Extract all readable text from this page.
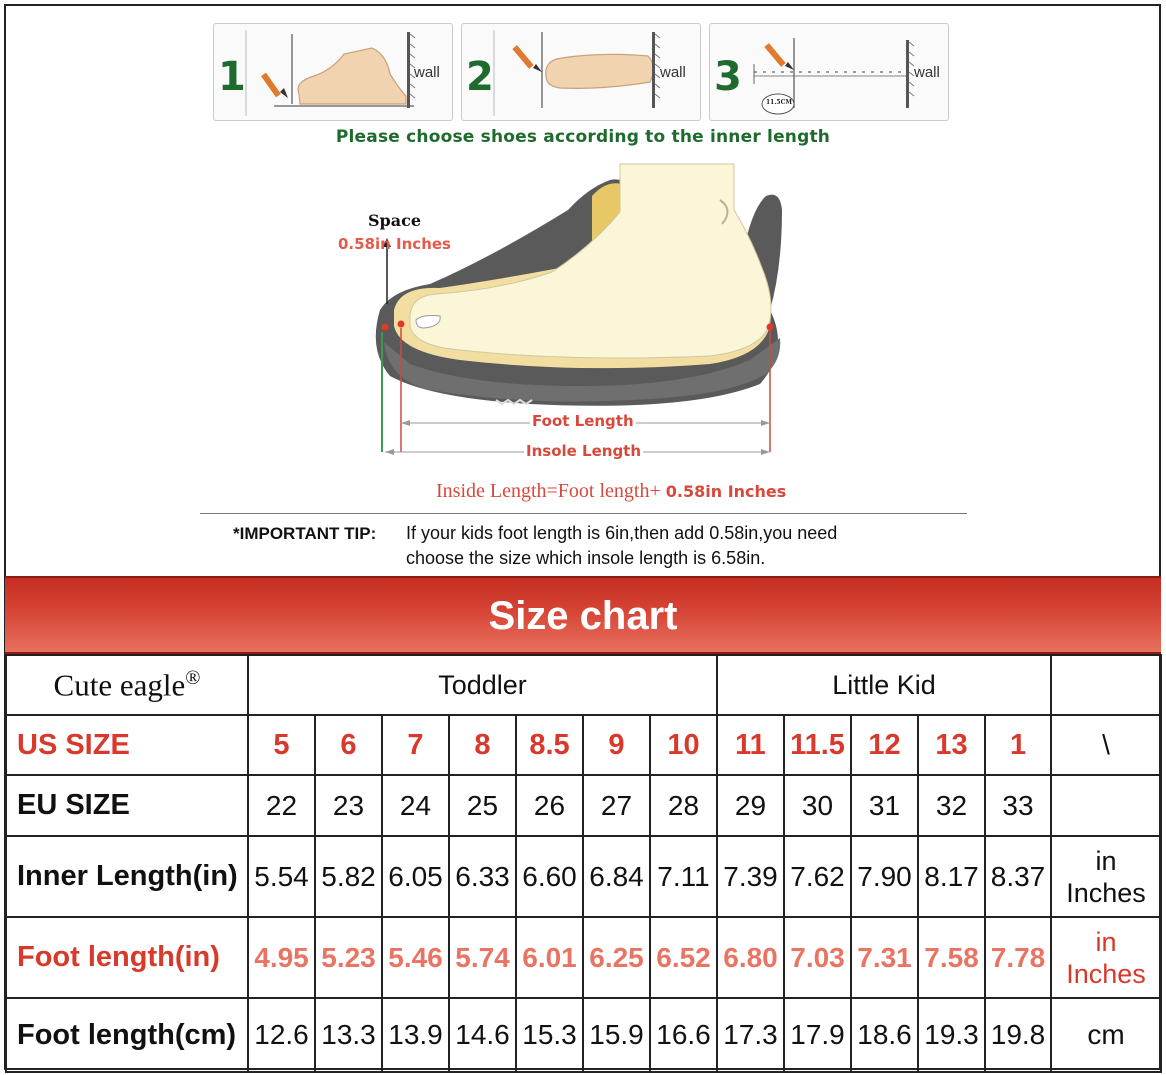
1	wall 2	wall 3	wall
11.5CM
Please choose shoes according to the inner length
Space
0.58in Inches
Foot Length
Insole Length
Inside Length=Foot length+ 0.58in Inches
*IMPORTANT TIP: If your kids foot length is 6in,then add 0.58in,you need
choose the size which insole length is 6.58in.
Size chart
Cute eagle®	Toddler							Little Kid					
US SIZE	5	6	7	8	8.5	9	10	11	11.5	12	13	1	\
EU SIZE	22	23	24	25	26	27	28	29	30	31	32	33	
Inner Length(in)	5.54	5.82	6.05	6.33	6.60	6.84	7.11	7.39	7.62	7.90	8.17	8.37	in
Inches

Foot length(in)	4.95	5.23	5.46	5.74	6.01	6.25	6.52	6.80	7.03	7.31	7.58	7.78	in
Inches

Foot length(cm)	12.6	13.3	13.9	14.6	15.3	15.9	16.6	17.3	17.9	18.6	19.3	19.8	cm
